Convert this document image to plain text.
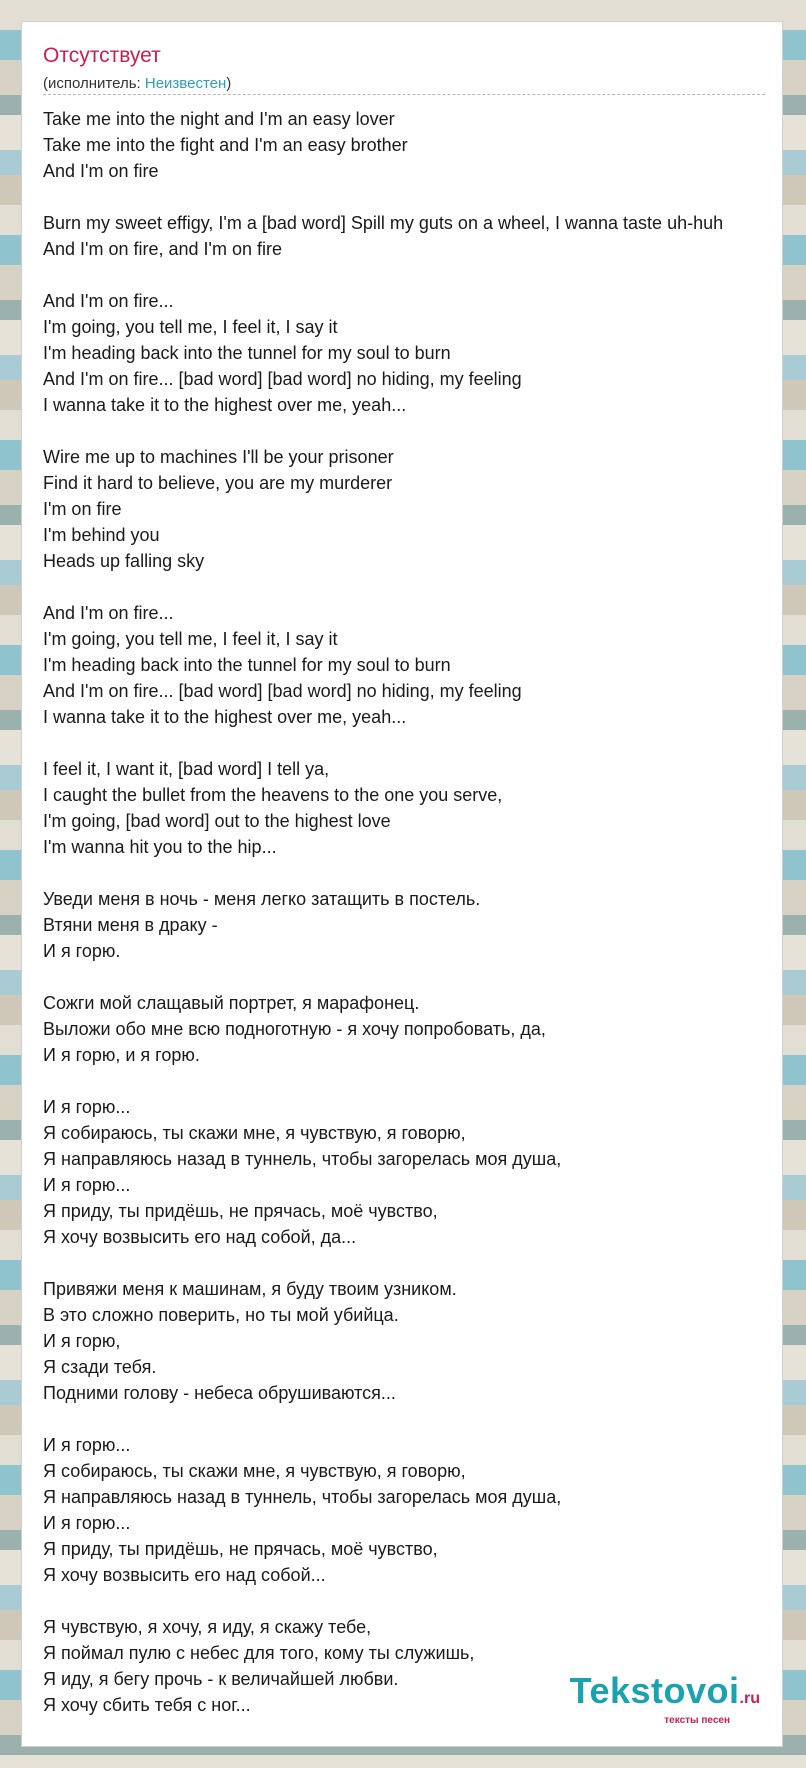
Отсутствует
(исполнитель: Неизвестен)
Take me into the night and I'm an easy lover
Take me into the fight and I'm an easy brother
And I'm on fire
Burn my sweet effigy, I'm a [bad word] Spill my guts on a wheel, I wanna taste uh-huh
And I'm on fire, and I'm on fire
And I'm on fire...
I'm going, you tell me, I feel it, I say it
I'm heading back into the tunnel for my soul to burn
And I'm on fire... [bad word] [bad word] no hiding, my feeling
I wanna take it to the highest over me, yeah...
Wire me up to machines I'll be your prisoner
Find it hard to believe, you are my murderer
I'm on fire
I'm behind you
Heads up falling sky
And I'm on fire...
I'm going, you tell me, I feel it, I say it
I'm heading back into the tunnel for my soul to burn
And I'm on fire... [bad word] [bad word] no hiding, my feeling
I wanna take it to the highest over me, yeah...
I feel it, I want it, [bad word] I tell ya,
I caught the bullet from the heavens to the one you serve,
I'm going, [bad word] out to the highest love
I'm wanna hit you to the hip...
Уведи меня в ночь - меня легко затащить в постель.
Втяни меня в драку -
И я горю.
Сожги мой слащавый портрет, я марафонец.
Выложи обо мне всю подноготную - я хочу попробовать, да,
И я горю, и я горю.
И я горю...
Я собираюсь, ты скажи мне, я чувствую, я говорю,
Я направляюсь назад в туннель, чтобы загорелась моя душа,
И я горю...
Я приду, ты придёшь, не прячась, моё чувство,
Я хочу возвысить его над собой, да...
Привяжи меня к машинам, я буду твоим узником.
В это сложно поверить, но ты мой убийца.
И я горю,
Я сзади тебя.
Подними голову - небеса обрушиваются...
И я горю...
Я собираюсь, ты скажи мне, я чувствую, я говорю,
Я направляюсь назад в туннель, чтобы загорелась моя душа,
И я горю...
Я приду, ты придёшь, не прячась, моё чувство,
Я хочу возвысить его над собой...
Я чувствую, я хочу, я иду, я скажу тебе,
Я поймал пулю с небес для того, кому ты служишь,
Я иду, я бегу прочь - к величайшей любви.
Я хочу сбить тебя с ног...	Tekstovoi.ru
тексты песен
